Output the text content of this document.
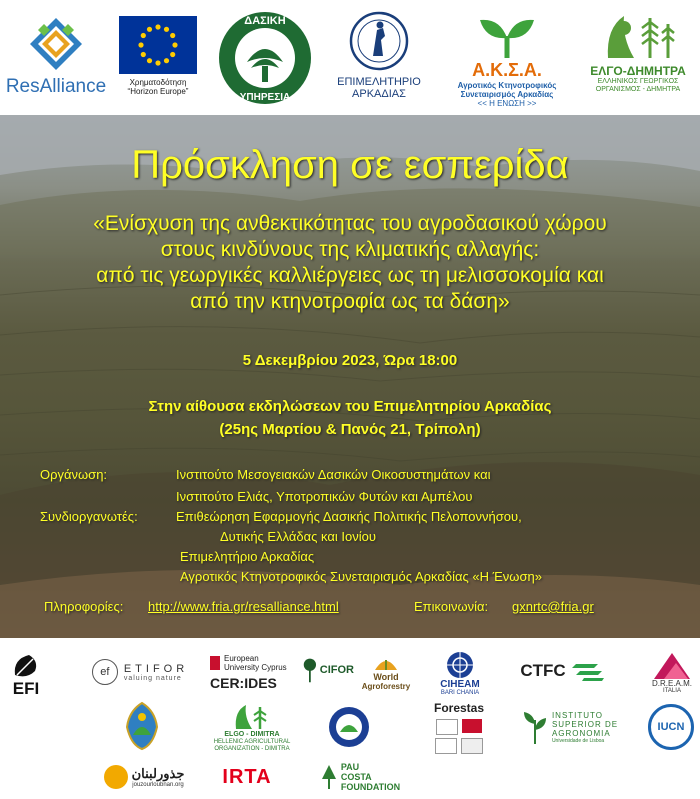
ResAlliance	Χρηματοδότηση
“Horizon Europe”
ΔΑΣΙΚΗ
ΥΠΗΡΕΣΙΑ
ΕΠΙΜΕΛΗΤΗΡΙΟ
ΑΡΚΑΔΙΑΣ
Α.Κ.Σ.Α.
Αγροτικός Κτηνοτροφικός
Συνεταιρισμός Αρκαδίας
<< Η ΕΝΩΣΗ >>
ΕΛΓΟ-ΔΗΜΗΤΡΑ
ΕΛΛΗΝΙΚΟΣ ΓΕΩΡΓΙΚΟΣ
ΟΡΓΑΝΙΣΜΟΣ - ΔΗΜΗΤΡΑ
Πρόσκληση σε εσπερίδα
«Ενίσχυση της ανθεκτικότητας του αγροδασικού χώρου
στους κινδύνους της κλιματικής αλλαγής:
από τις γεωργικές καλλιέργειες ως τη μελισσοκομία και
από την κτηνοτροφία ως τα δάση»
5 Δεκεμβρίου 2023, Ώρα 18:00
Στην αίθουσα εκδηλώσεων του Επιμελητηρίου Αρκαδίας
(25ης Μαρτίου & Πανός 21, Τρίπολη)
Οργάνωση:	Ινστιτούτο Μεσογειακών Δασικών Οικοσυστημάτων και
Ινστιτούτο Ελιάς, Υποτροπικών Φυτών και Αμπέλου
Συνδιοργανωτές:	Επιθεώρηση Εφαρμογής Δασικής Πολιτικής Πελοποννήσου,
Δυτικής Ελλάδας και Ιονίου
Επιμελητήριο Αρκαδίας
Αγροτικός Κτηνοτροφικός Συνεταιρισμός Αρκαδίας «Η Ένωση»
Πληροφορίες: http://www.fria.gr/resalliance.html	Επικοινωνία: gxnrtc@fria.gr
EFI
ef	ETIFOR
valuing nature
European
University Cyprus
CER:IDES
CIFOR
World
Agroforestry	CIHEAM
BARI CHANIA
CTFC
D.R.E.A.M.
ITALIA
ELGO - DIMITRA
HELLENIC AGRICULTURAL
ORGANIZATION - DIMITRA
Forestas
INSTITUTO
SUPERIOR DE
AGRONOMIA
Universidade de Lisboa
IUCN
جذورلبنان
jouzourloubnan.org IRTA	PAU
COSTA
FOUNDATION
